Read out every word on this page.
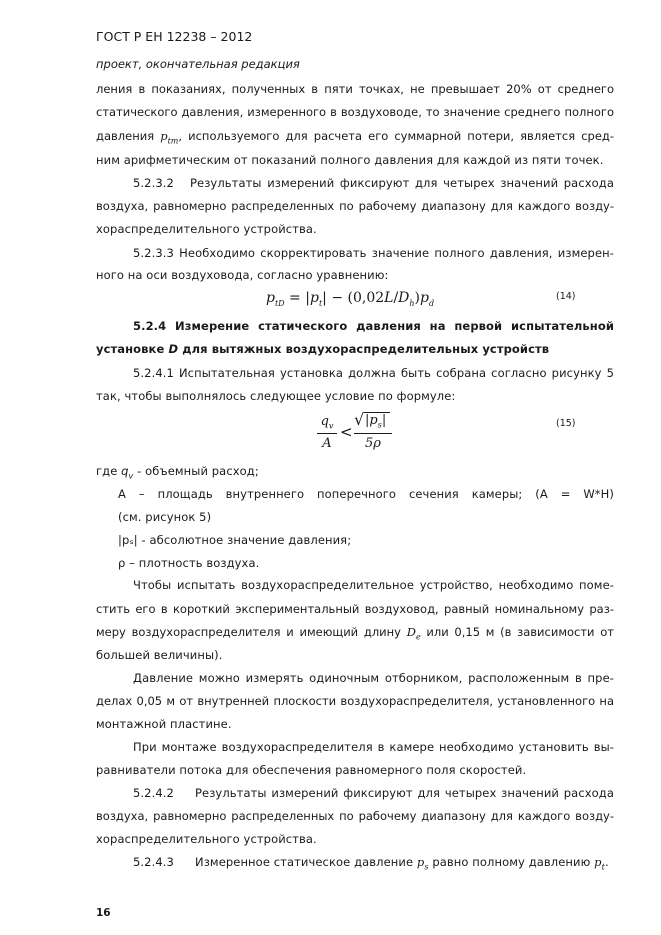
ГОСТ Р ЕН 12238 – 2012
проект, окончательная редакция
ления в показаниях, полученных в пяти точках, не превышает 20% от среднего
статического давления, измеренного в воздуховоде, то значение среднего полного
давления $p_{tm}$, используемого для расчета его суммарной потери, является сред-
ним арифметическим от показаний полного давления для каждой из пяти точек.
5.2.3.2 Результаты измерений фиксируют для четырех значений расхода
воздуха, равномерно распределенных по рабочему диапазону для каждого возду-
хораспределительного устройства.
5.2.3.3 Необходимо скорректировать значение полного давления, измерен-
ного на оси воздуховода, согласно уравнению:
$p_{tD} = |p_t| - (0,02L/D_h)p_d$
(14)
5.2.4 Измерение статического давления на первой испытательной
установке D для вытяжных воздухораспределительных устройств
5.2.4.1 Испытательная установка должна быть собрана согласно рисунку 5
так, чтобы выполнялось следующее условие по формуле:
$q_v$
A
<
√ $|p_s|$
5ρ
(15)
где $q_v$ - объемный расход;
A – площадь внутреннего поперечного сечения камеры; (A = W*H)
(см. рисунок 5)
|pₛ| - абсолютное значение давления;
ρ – плотность воздуха.
Чтобы испытать воздухораспределительное устройство, необходимо поме-
стить его в короткий экспериментальный воздуховод, равный номинальному раз-
меру воздухораспределителя и имеющий длину $D_e$ или 0,15 м (в зависимости от
большей величины).
Давление можно измерять одиночным отборником, расположенным в пре-
делах 0,05 м от внутренней плоскости воздухораспределителя, установленного на
монтажной пластине.
При монтаже воздухораспределителя в камере необходимо установить вы-
равниватели потока для обеспечения равномерного поля скоростей.
5.2.4.2 Результаты измерений фиксируют для четырех значений расхода
воздуха, равномерно распределенных по рабочему диапазону для каждого возду-
хораспределительного устройства.
5.2.4.3 Измеренное статическое давление $p_s$ равно полному давлению $p_t$.
16
